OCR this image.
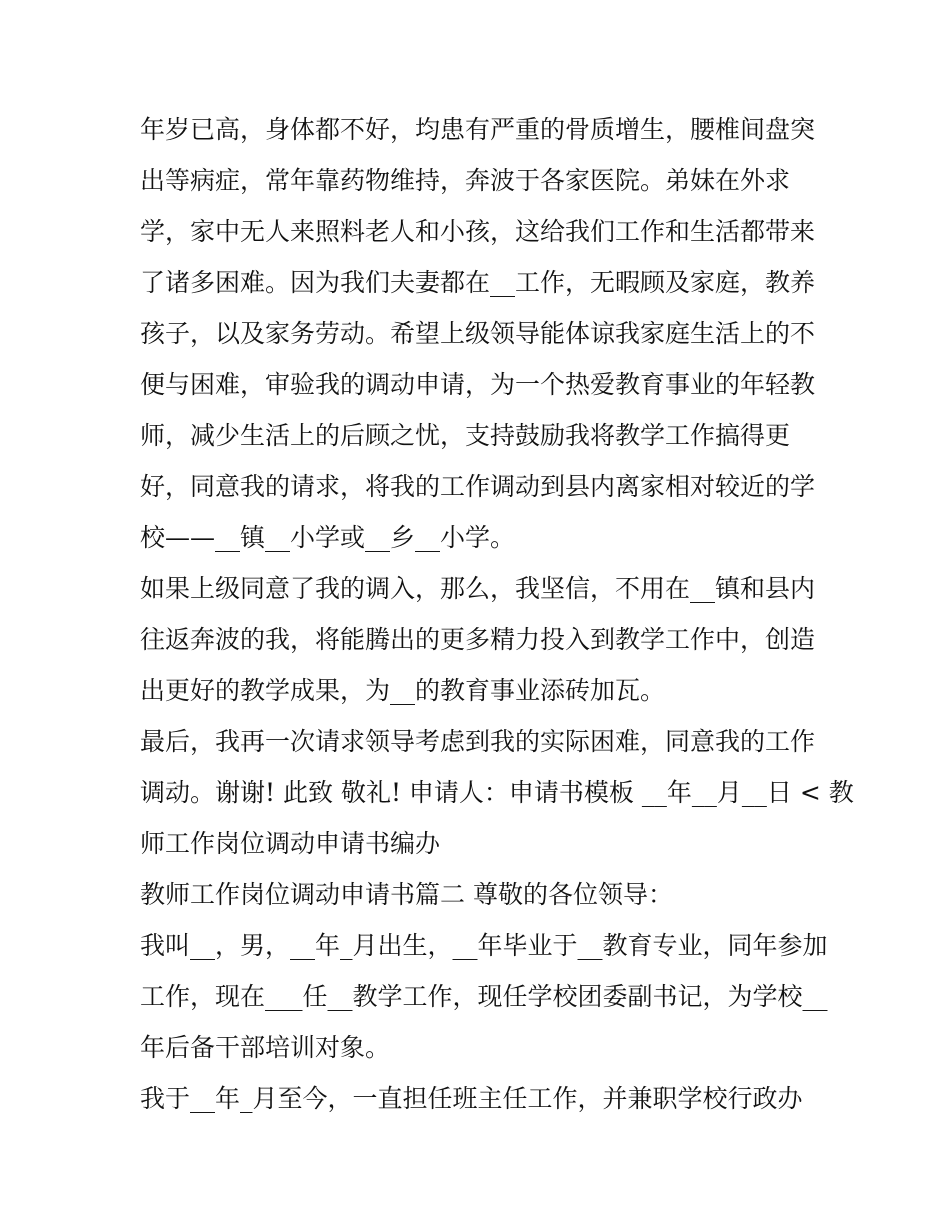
年岁已高，身体都不好，均患有严重的骨质增生，腰椎间盘突
出等病症，常年靠药物维持，奔波于各家医院。弟妹在外求
学，家中无人来照料老人和小孩，这给我们工作和生活都带来
了诸多困难。因为我们夫妻都在__工作，无暇顾及家庭，教养
孩子，以及家务劳动。希望上级领导能体谅我家庭生活上的不
便与困难，审验我的调动申请，为一个热爱教育事业的年轻教
师，减少生活上的后顾之忧，支持鼓励我将教学工作搞得更
好，同意我的请求，将我的工作调动到县内离家相对较近的学
校——__镇__小学或__乡__小学。
如果上级同意了我的调入，那么，我坚信，不用在__镇和县内
往返奔波的我，将能腾出的更多精力投入到教学工作中，创造
出更好的教学成果，为__的教育事业添砖加瓦。
最后，我再一次请求领导考虑到我的实际困难，同意我的工作
调动。谢谢! 此致 敬礼! 申请人：申请书模板 __年__月__日 < 教
师工作岗位调动申请书编办
教师工作岗位调动申请书篇二 尊敬的各位领导：
我叫__，男，__年_月出生，__年毕业于__教育专业，同年参加
工作，现在___任__教学工作，现任学校团委副书记，为学校__
年后备干部培训对象。
我于__年_月至今，一直担任班主任工作，并兼职学校行政办
